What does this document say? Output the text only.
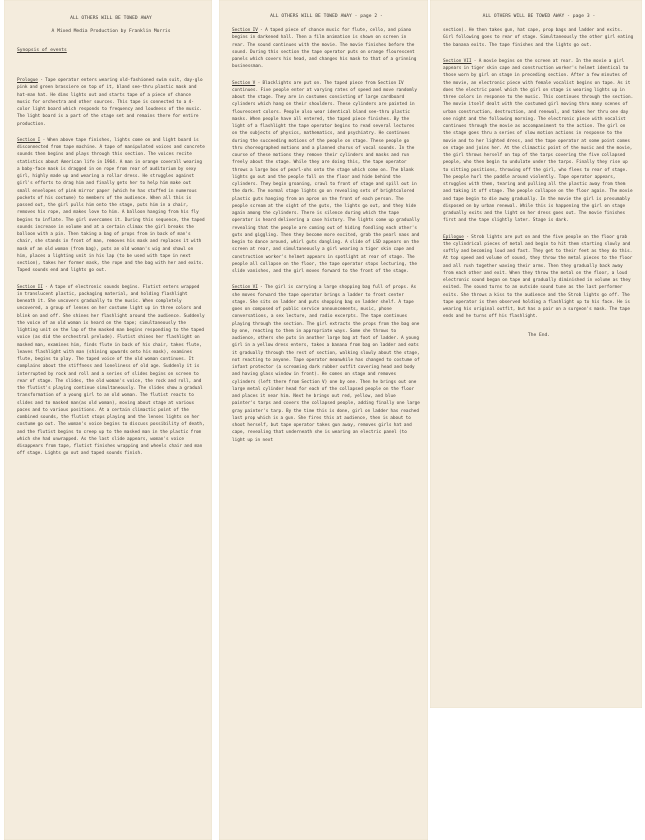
ALL OTHERS WILL BE TOWED AWAY
A Mixed Media Production by Franklin Morris
Synopsis of events

Prologue - Tape operator enters wearing old-fashioned swim suit, day-glo pink and green brassiere on top of it, bland see-thru plastic mask and hat-man hat. He dims lights out and starts tape of a piece of chance music for orchestra and other sources. This tape is connected to a 4-color light board which responds to frequency and loudness of the music. The light board is a part of the stage set and remains there for entire production.

Section I - When above tape finishes, lights come on and light board is disconnected from tape machine. A tape of manipulated voices and concrete sounds then begins and plays through this section. The voices recite statistics about American life in 1964. A man in orange coverall wearing a baby-face mask is dragged in on rope from rear of auditorium by sexy girl, highly made up and wearing a rollar dress. He struggles against girl's efforts to drag him and finally gets her to help him make out small envelopes of pink mirror paper (which he has stuffed in numerous pockets of his costume) to members of the audience. When all this is passed out, the girl pulls him onto the stage, puts him in a chair, removes his rope, and makes love to him. A balloon hanging from his fly begins to inflate. The girl overcomes it. During this sequence, the taped sounds increase in volume and at a certain climax the girl breaks the balloon with a pin. Then taking a bag of props from in back of man's chair, she stands in front of man, removes his mask and replaces it with mask of an old woman (from bag), puts an old woman's wig and shawl on him, places a lighting unit in his lap (to be used with tape in next section), takes her former mask, the rope and the bag with her and exits. Taped sounds end and lights go out.

Section II - A tape of electronic sounds begins. Flutist enters wrapped in translucent plastic, packaging material, and holding flashlight beneath it. She uncovers gradually to the music. When completely uncovered, a group of lenses on her costume light up in three colors and blink on and off. She shines her flashlight around the audience. Suddenly the voice of an old woman is heard on the tape; simultaneously the lighting unit on the lap of the masked man begins responding to the taped voice (as did the orchestral prelude). Flutist shines her flashlight on masked man, examines him, finds flute in back of his chair, takes flute, leaves flashlight with man (shining upwards onto his mask), examines flute, begins to play. The taped voice of the old woman continues. It complains about the stiffness and loneliness of old age. Suddenly it is interrupted by rock and roll and a series of slides begins on screen to rear of stage. The slides, the old woman's voice, the rock and roll, and the flutist's playing continue simultaneously. The slides show a gradual transformation of a young girl to an old woman. The flutist reacts to slides and to masked man(as old woman), moving about stage at various paces and to various positions. At a certain climactic point of the combined sounds, the flutist stops playing and the lenses lights on her costume go out. The woman's voice begins to discuss possibility of death, and the flutist begins to creep up to the masked man in the plastic from which she had unwrapped. As the last slide appears, woman's voice disappears from tape, flutist finishes wrapping and wheels chair and man off stage. Lights go out and taped sounds finish.

ALL OTHERS WILL BE TOWED AWAY - page 2 -

Section IV - A taped piece of chance music for flute, cello, and piano begins in darkened hall. Then a film animation is shown on screen in rear. The sound continues with the movie. The movie finishes before the sound. During this section the tape operator puts on orange flourescent panels which covers his head, and changes his mask to that of a grinning businessman.

Section V - Blacklights are put on. The taped piece from Section IV continues. Five people enter at varying rates of speed and move randomly about the stage. They are in costumes consisting of large cardboard cylinders which hang on their shoulders. These cylinders are painted in flourescent colors. People also wear identical bland see-thru plastic masks. When people have all entered, the taped piece finishes. By the light of a flashlight the tape operator begins to read several lectures on the subjects of physics, mathematics, and psychiatry. He continues during the succeeding motions of the people on stage. These people go thru choreographed motions and a planned chorus of vocal sounds. In the course of these motions they remove their cylinders and masks and run freely about the stage. While they are doing this, the tape operator throws a large box of pearl-ohs onto the stage which come on. The blank lights go out and the people fall on the floor and hide behind the cylinders. They begin groaning, crawl to front of stage and spill out in the dark. The normal stage lights go on revealing sets of brightcolored plastic guts hanging from an apron on the front of each person. The people scream at the sight of the guts, the lights go out, and they hide again among the cylinders. There is silence during which the tape operator is heard delivering a case history. The lights come up gradually revealing that the people are coming out of hiding fondling each other's guts and giggling. Then they become more excited, grab the pearl naos and begin to dance around, whirl guts dangling. A slide of LSD appears on the screen at rear, and simultaneously a girl wearing a tiger skin cape and construction worker's helmet appears in spotlight at rear of stage. The people all collapse on the floor, the tape operator stops lecturing, the slide vanishes, and the girl moves forward to the front of the stage.

Section VI - The girl is carrying a large shopping bag full of props. As she moves forward the tape operator brings a ladder to front center stage. She sits on ladder and puts shopping bag on ladder shelf. A tape goes on composed of public service announcements, music, phone conversations, a sex lecture, and radio excerpts. The tape continues playing through the section. The girl extracts the props from the bag one by one, reacting to them in appropriate ways. Some she throws to audience, others she puts in another large bag at foot of ladder. A young girl in a yellow dress enters, takes a banana from bag on ladder and eats it gradually through the rest of section, walking slowly about the stage, not reacting to anyone. Tape operator meanwhile has changed to costume of infant protector (a screaming dark rubber outfit covering head and body and having glass window in front). He comes on stage and removes cylinders (left there from Section V) one by one. Then he brings out one large metal cylinder head for each of the collapsed people on the floor and places it near him. Next he brings out red, yellow, and blue painter's tarps and covers the collapsed people, adding finally one large gray painter's tarp. By the time this is done, girl on ladder has reached last prop which is a gun. She fires this at audience, then is about to shoot herself, but tape operator takes gun away, removes girls hat and cape, revealing that underneath she is wearing an electric panel (to light up in next

ALL OTHERS WILL BE TOWED AWAY - page 3 -

section). He then takes gun, hat cape, prop bags and ladder and exits. Girl following goes to rear of stage. Simultaneously the other girl eating the banana exits. The tape finishes and the lights go out.

Section VII - A movie begins on the screen at rear. In the movie a girl appears in tiger skin cape and construction worker's helmet identical to those worn by girl on stage in preceding section. After a few minutes of the movie, an electronic piece with female vocalist begins on tape. As it does the electric panel which the girl on stage is wearing lights up in three colors in response to the music. This continues through the section. The movie itself dealt with the costumed girl moving thru many scenes of urban construction, destruction, and renewal, and takes her thru one day one night and the following morning. The electronic piece with vocalist continues through the movie as accompaniment to the action. The girl on the stage goes thru a series of slow motion actions in response to the movie and to her lighted dress, and the tape operator at some point comes on stage and joins her. At the climactic point of the music and the movie, the girl throws herself on top of the tarps covering the five collapsed people, who then begin to undulate under the tarps. Finally they rise up to sitting positions, throwing off the girl, who flees to rear of stage. The people hurl the paddle around violently. Tape operator appears, struggles with them, tearing and pulling all the plastic away from them and taking it off stage. The people collapse on the floor again. The movie and tape begin to die away gradually. In the movie the girl is presumably disposed on by urban renewal. While this is happening the girl on stage gradually exits and the light on her dress goes out. The movie finishes first and the tape slightly later. Stage is dark.

Epilogue - Strob lights are put on and the five people on the floor grab the cylindrical pieces of metal and begin to hit them starting slowly and softly and becoming loud and fast. They get to their feet as they do this. At top speed and volume of sound, they throw the metal pieces to the floor and all rush together waving their arms. Then they gradually back away from each other and exit. When they throw the metal on the floor, a loud electronic sound began on tape and gradually diminished in volume as they exited. The sound turns to an outside sound tune as the last performer exits. She throws a kiss to the audience and the Strob lights go off. The tape operator is then observed holding a flashlight up to his face. He is wearing his original outfit, but has a pair on a surgeon's mask. The tape ends and he turns off his flashlight.

The End.
